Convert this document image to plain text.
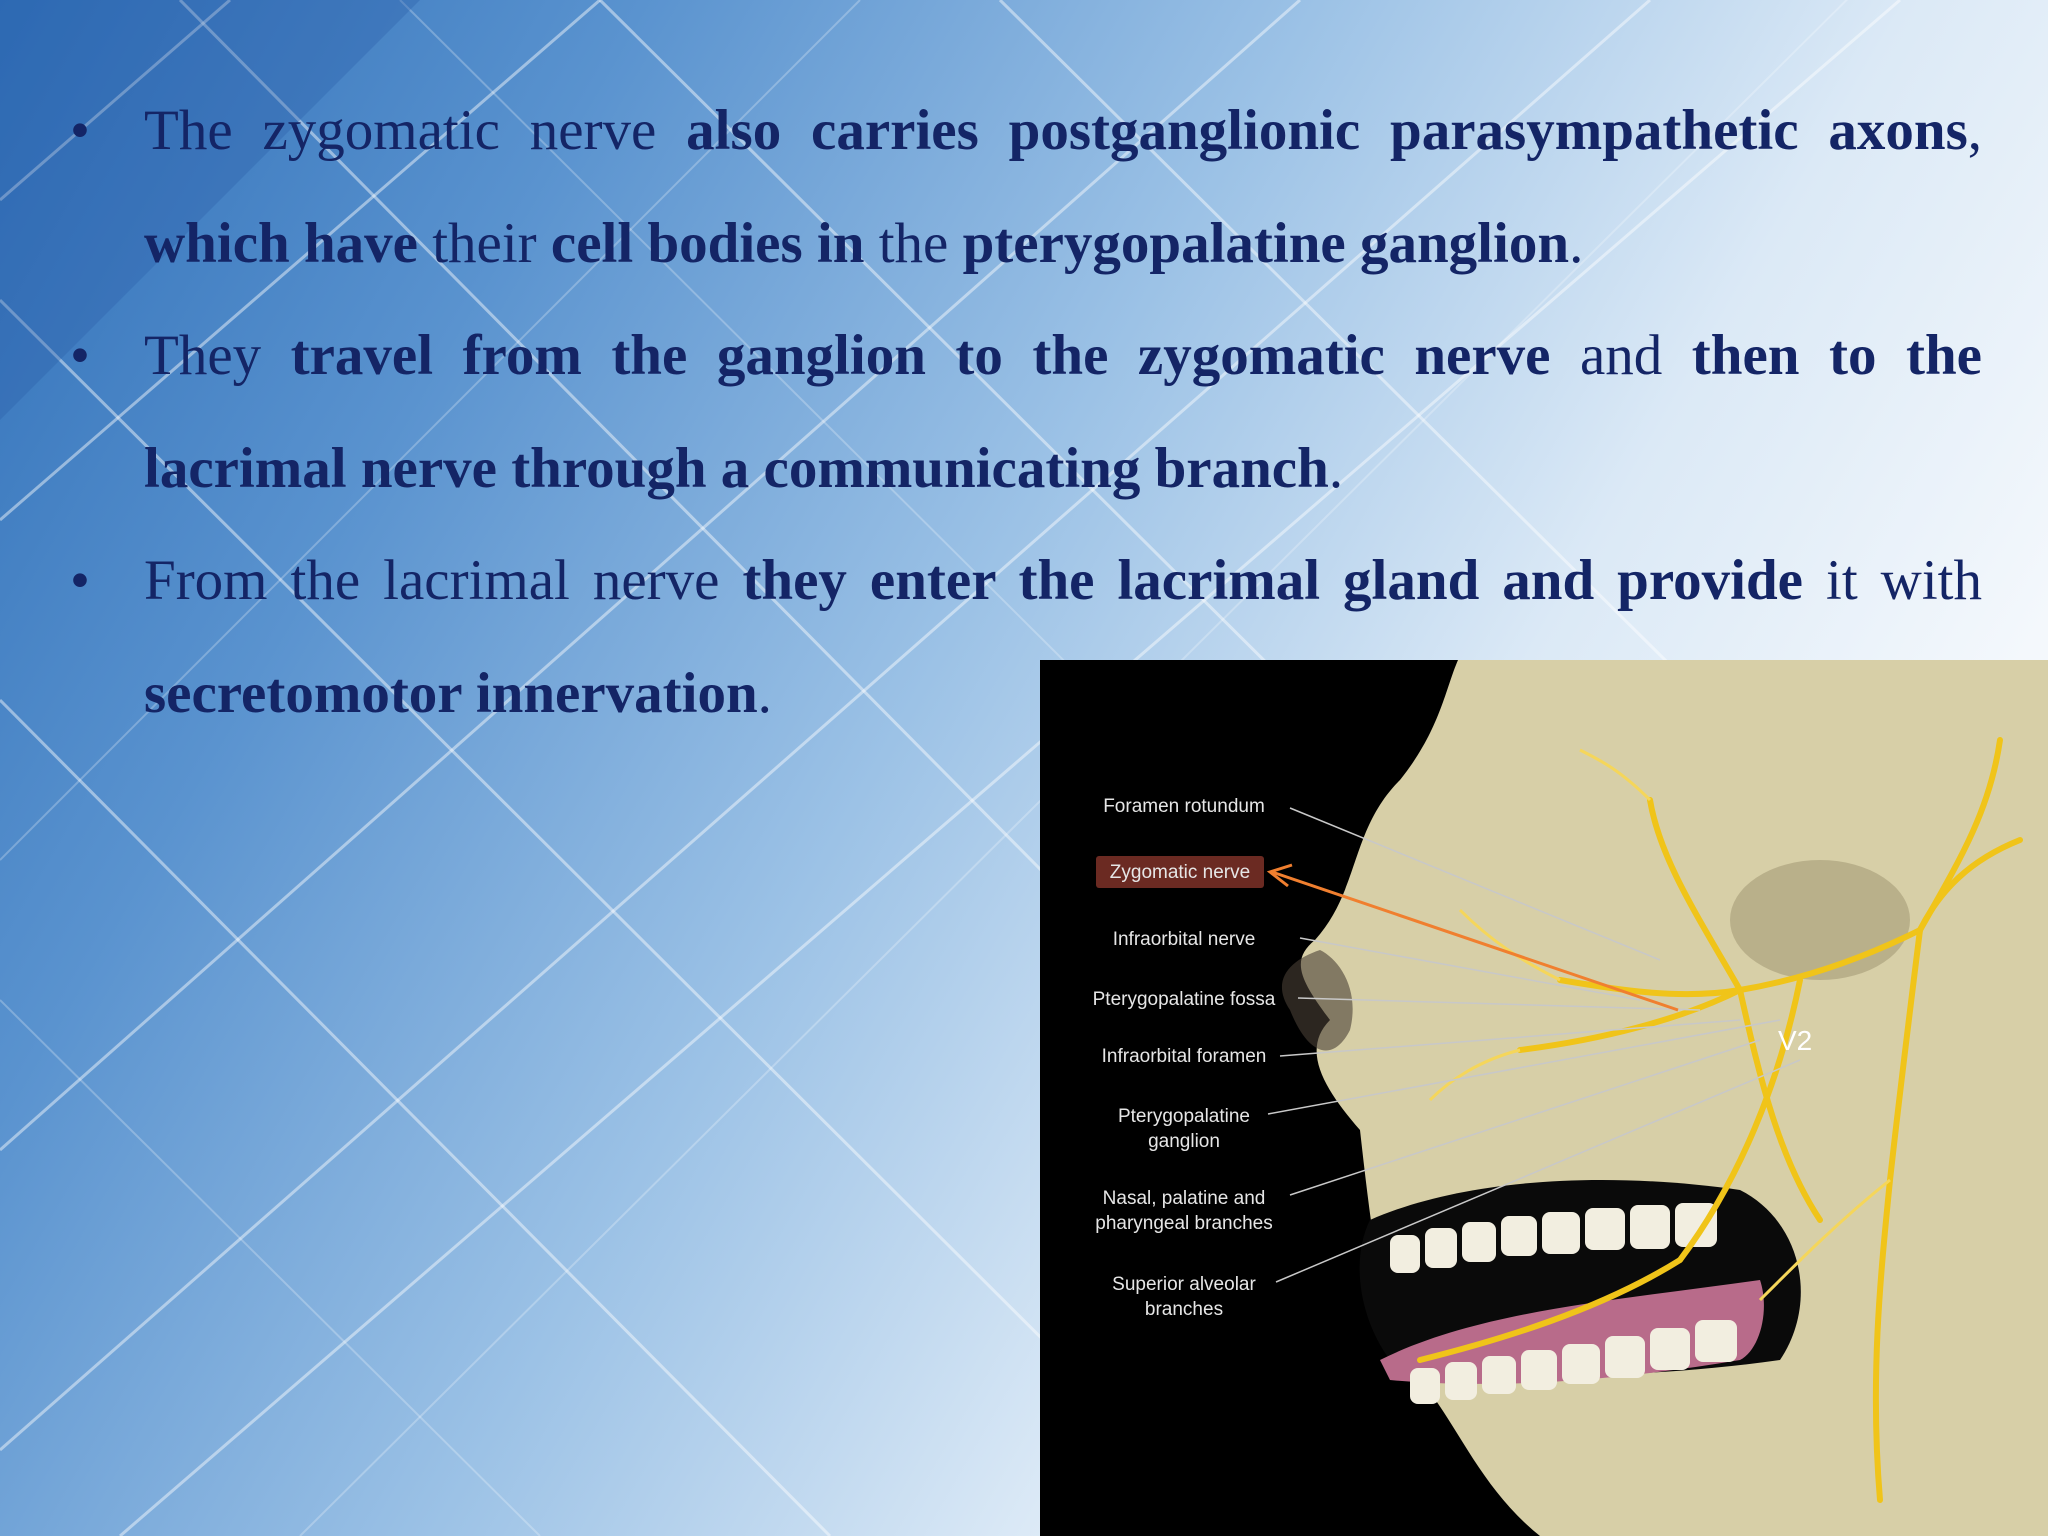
• The zygomatic nerve also carries postganglionic parasympathetic axons, which have their cell bodies in the pterygopalatine ganglion.
• They travel from the ganglion to the zygomatic nerve and then to the lacrimal nerve through a communicating branch.
• From the lacrimal nerve they enter the lacrimal gland and provide it with secretomotor innervation.
Foramen rotundum
Zygomatic nerve
Infraorbital nerve
Pterygopalatine fossa
Infraorbital foramen
Pterygopalatine
ganglion
Nasal, palatine and
pharyngeal branches
Superior alveolar
branches
V2
